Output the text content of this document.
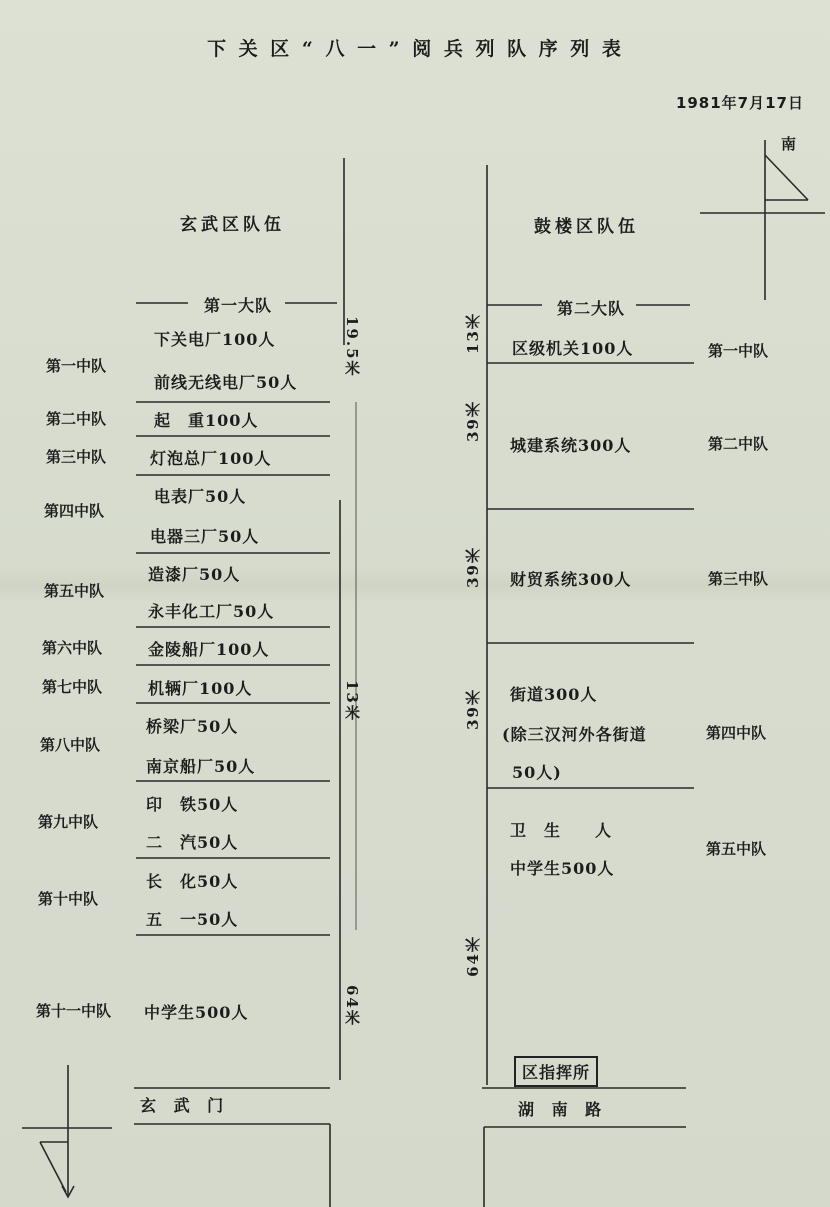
下 关 区 “ 八 一 ” 阅 兵 列 队 序 列 表
1981年7月17日
南
玄武区队伍
第一大队
19.5米
13米
64米
第一中队
第二中队
第三中队
第四中队
第五中队
第六中队
第七中队
第八中队
第九中队
第十中队
第十一中队
下关电厂100人
前线无线电厂50人
起　重100人
灯泡总厂100人
电表厂50人
电器三厂50人
造漆厂50人
永丰化工厂50人
金陵船厂100人
机辆厂100人
桥梁厂50人
南京船厂50人
印　铁50人
二　汽50人
长　化50人
五　一50人
中学生500人
玄 武 门
鼓楼区队伍
第二大队
13米
39米
39米
39米
64米
区级机关100人
城建系统300人
财贸系统300人
街道300人
(除三汉河外各街道
50人)
卫　生　　人
中学生500人
第一中队
第二中队
第三中队
第四中队
第五中队
区指挥所
湖 南 路
